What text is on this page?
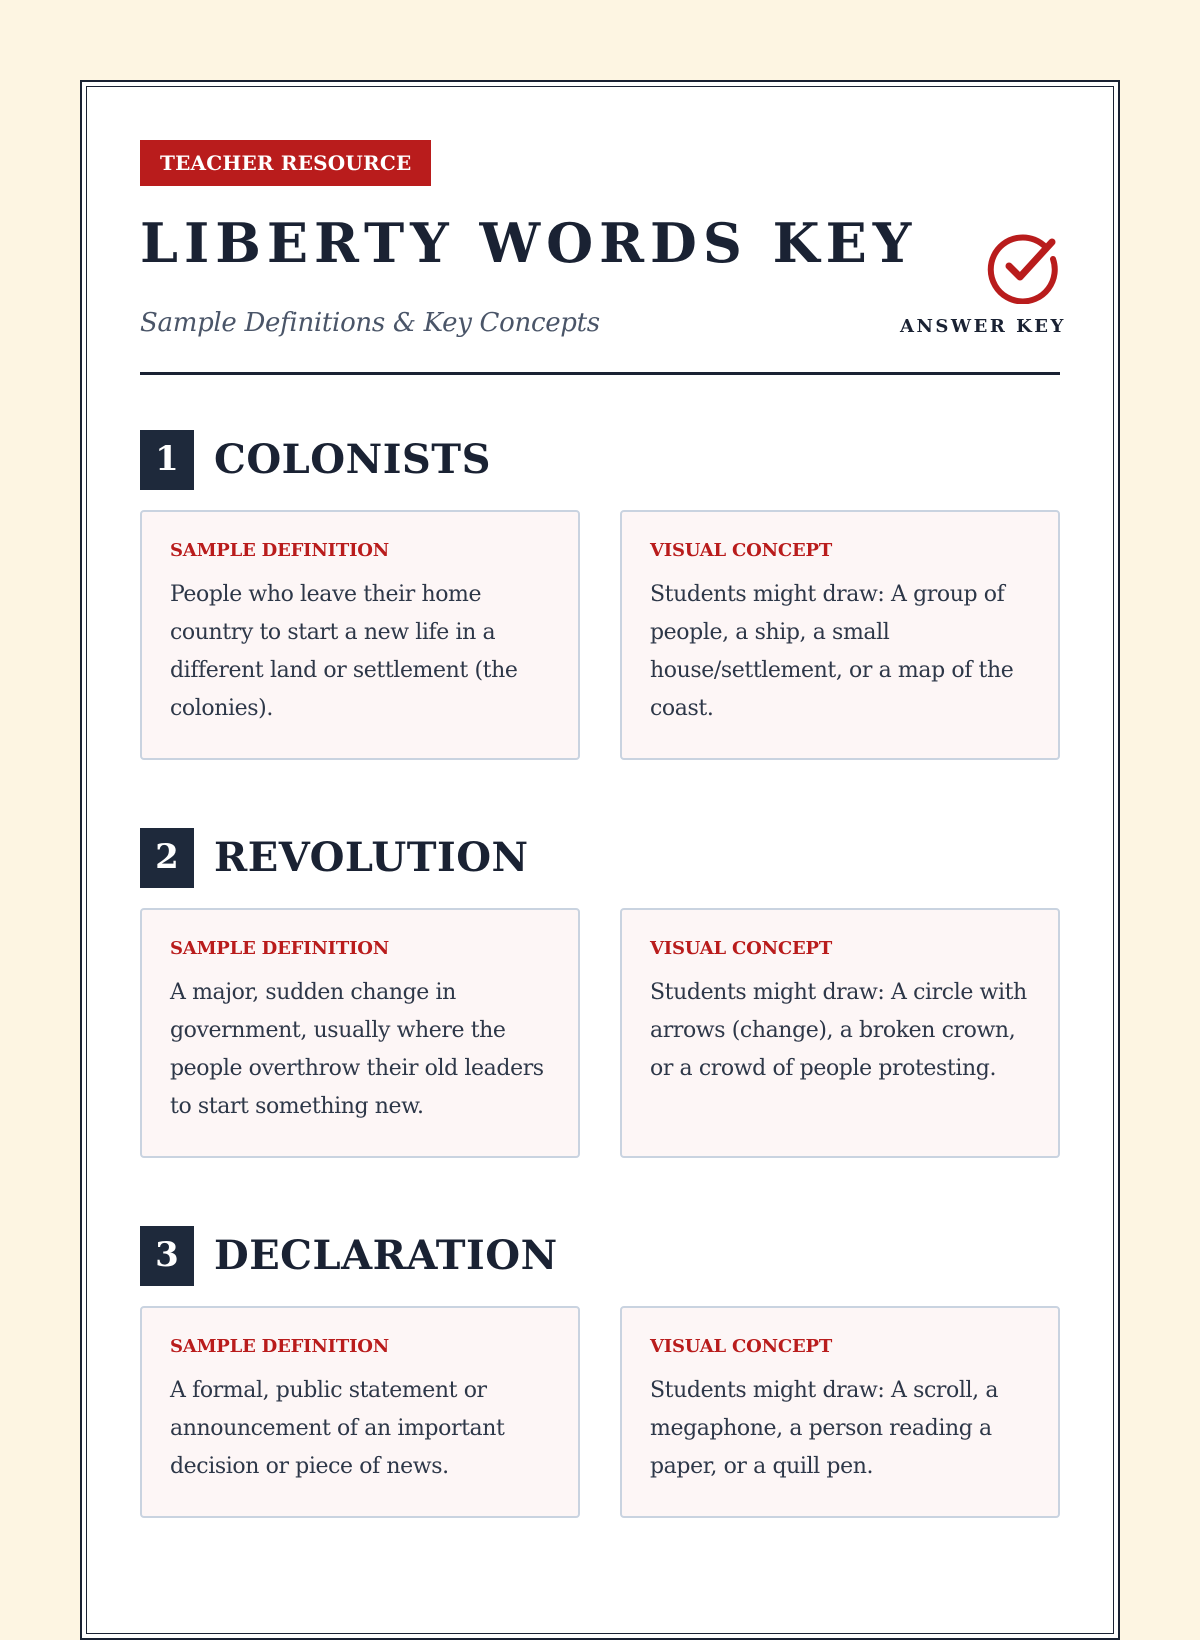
TEACHER RESOURCE
LIBERTY WORDS KEY

Sample Definitions & Key Concepts	ANSWER KEY
1 COLONISTS

SAMPLE DEFINITION

People who leave their home country to start a new life in a different land or settlement (the colonies).

VISUAL CONCEPT

Students might draw: A group of people, a ship, a small house/settlement, or a map of the coast.

2 REVOLUTION

SAMPLE DEFINITION

A major, sudden change in government, usually where the people overthrow their old leaders to start something new.

VISUAL CONCEPT

Students might draw: A circle with arrows (change), a broken crown, or a crowd of people protesting.

3 DECLARATION

SAMPLE DEFINITION

A formal, public statement or announcement of an important decision or piece of news.

VISUAL CONCEPT

Students might draw: A scroll, a megaphone, a person reading a paper, or a quill pen.
